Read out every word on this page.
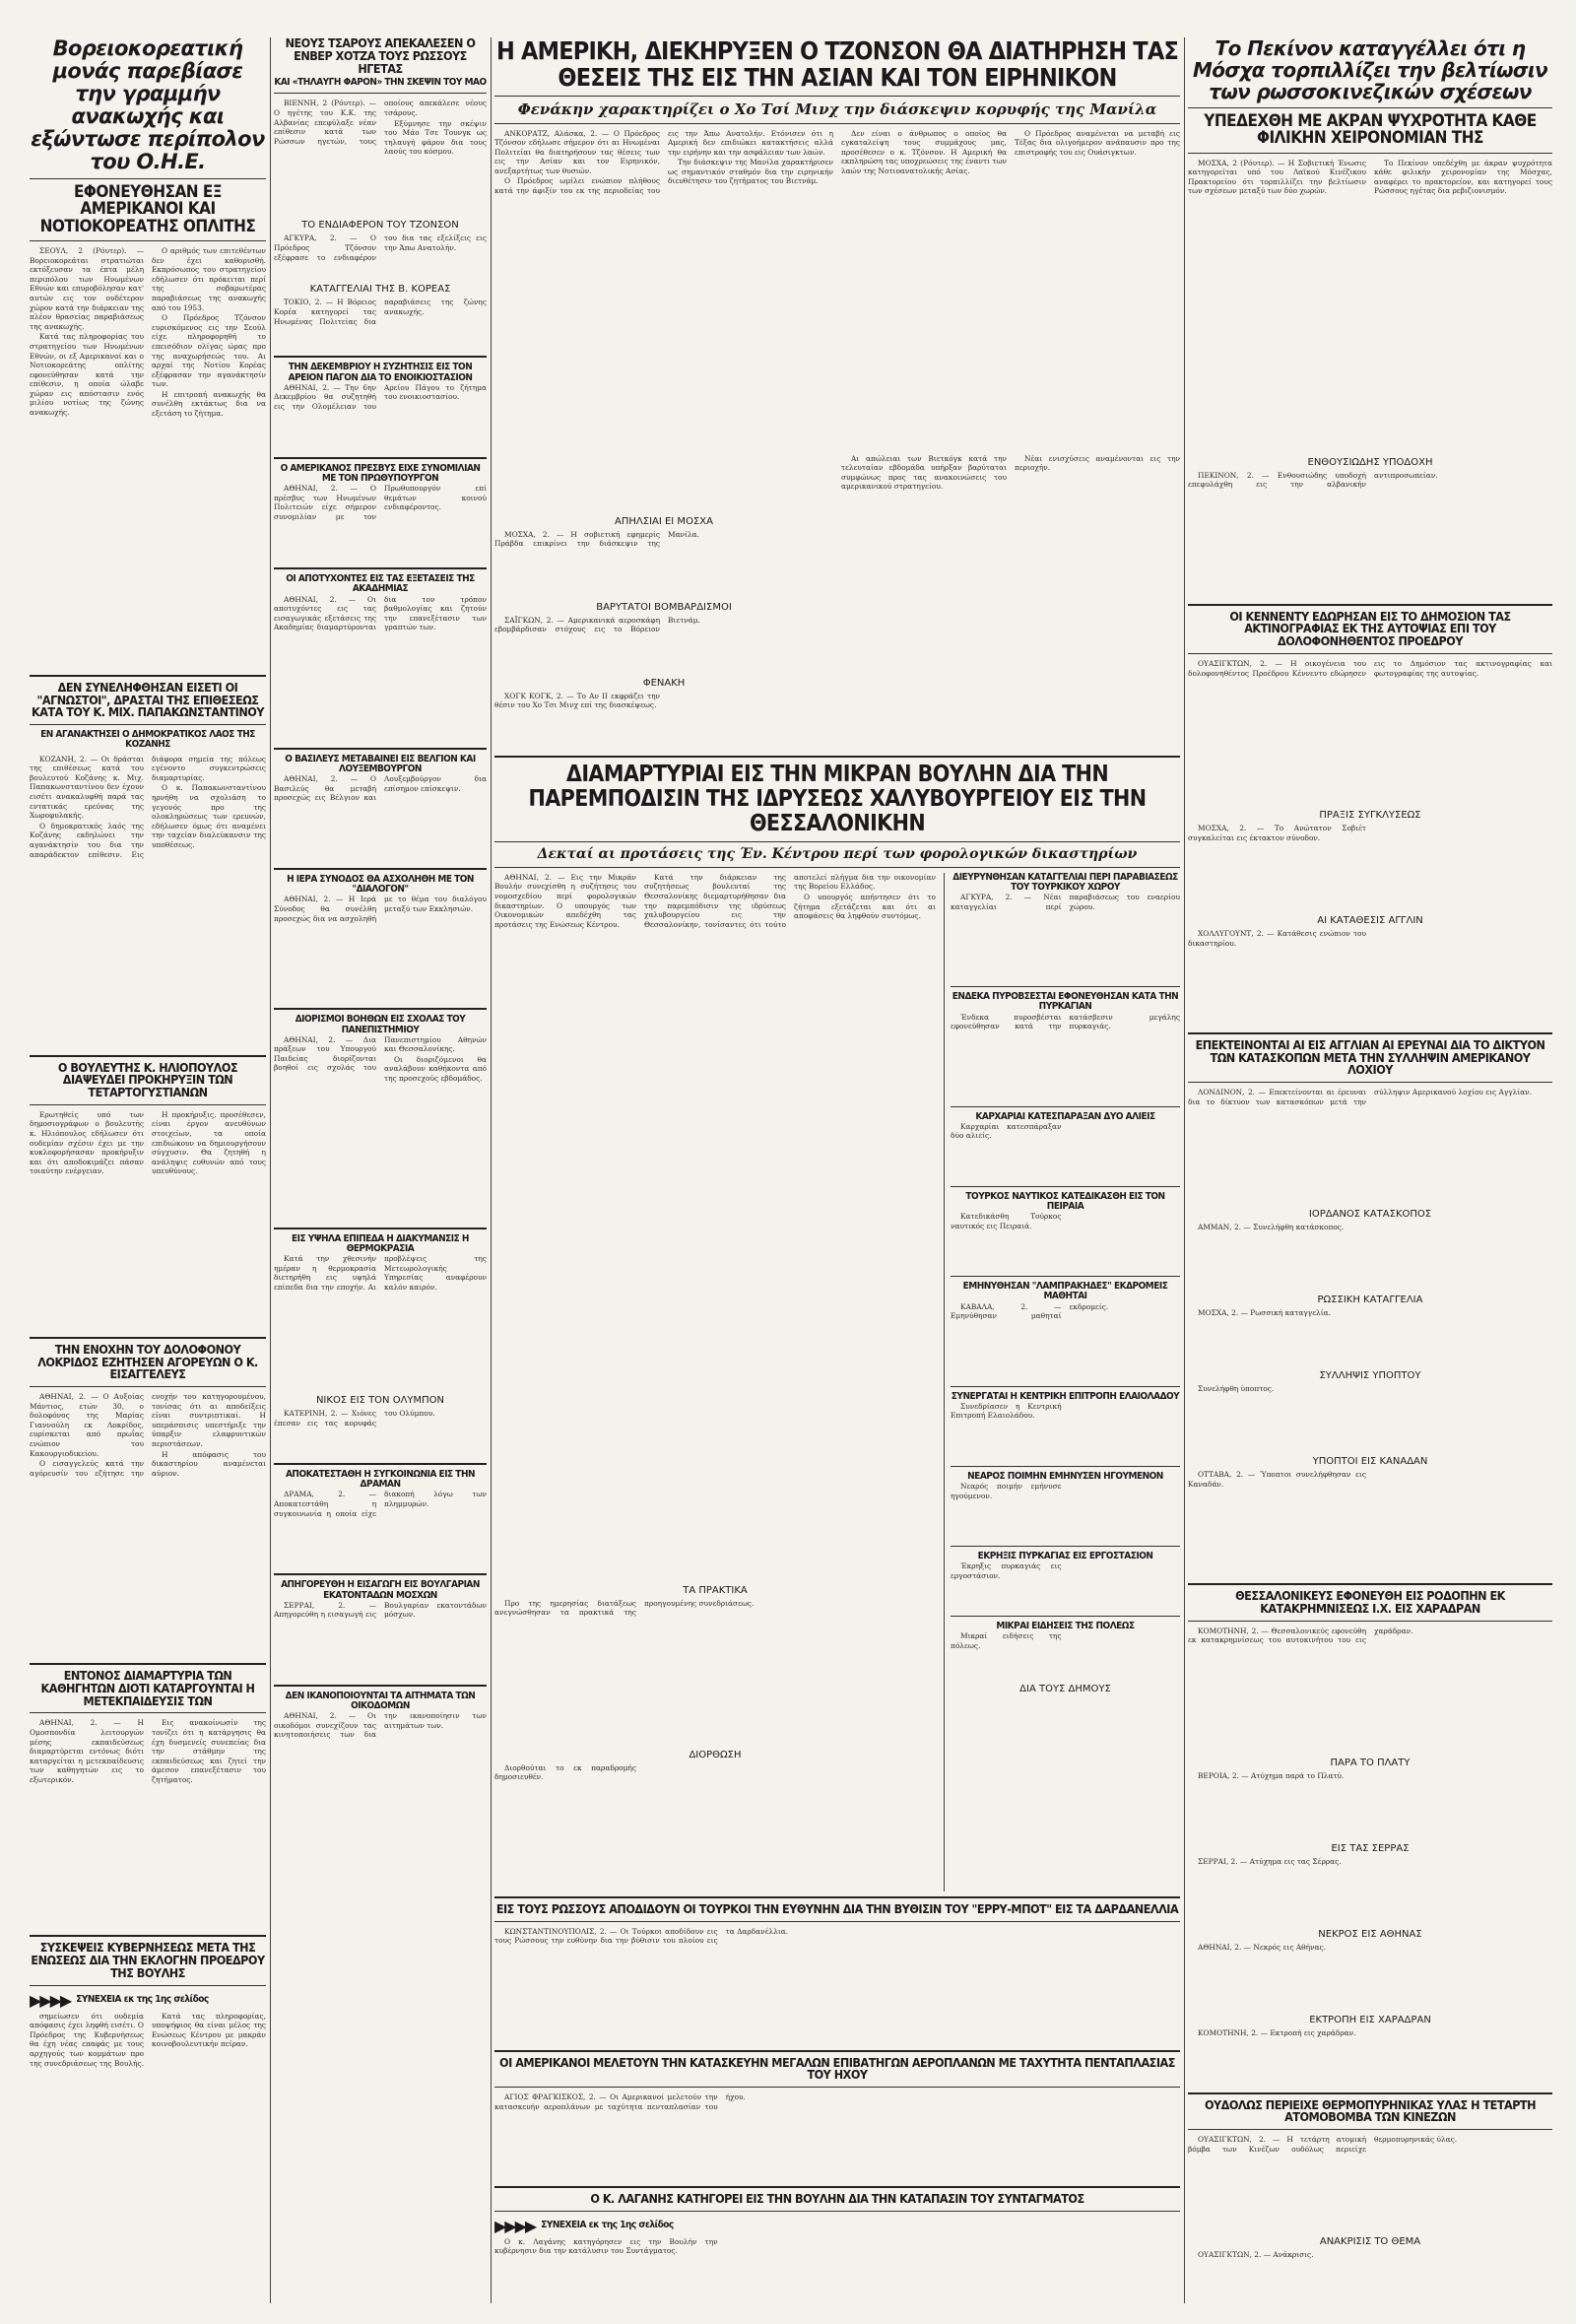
Βορειοκορεατική μονάς παρεβίασε την γραμμήν ανακωχής και εξώντωσε περίπολον του Ο.Η.Ε.
ΕΦΟΝΕΥΘΗΣΑΝ ΕΞ ΑΜΕΡΙΚΑΝΟΙ ΚΑΙ ΝΟΤΙΟΚΟΡΕΑΤΗΣ ΟΠΛΙΤΗΣ

ΣΕΟΥΛ, 2 (Ρόυτερ). — Βορειοκορεάται στρατιώται εκτόξευσαν τα έπτα μέλη περιπόλου των Ηνωμένων Εθνών και επυροβόλησαν κατ' αυτών εις τον ουδέτερον χώρον κατά την διάρκειαν της πλέον θρασείας παραβιάσεως της ανακωχής.

Κατά τας πληροφορίας του στρατηγείου των Ηνωμένων Εθνών, οι εξ Αμερικανοί και ο Νοτιοκορεάτης οπλίτης εφονεύθησαν κατά την επίθεσιν, η οποία ώλαβε χώραν εις απόστασιν ενός μιλίου νοτίως της ζώνης ανακωχής.

Ο αριθμός των επιτεθέντων δεν έχει καθορισθή. Εκπρόσωπος του στρατηγείου εδήλωσεν ότι πρόκειται περί της σοβαρωτέρας παραβιάσεως της ανακωχής από του 1953.

Ο Πρόεδρος Τζόνσον ευρισκόμενος εις την Σεούλ είχε πληροφορηθή το επεισόδιον ολίγας ώρας προ της αναχωρήσεώς του. Αι αρχαί της Νοτίου Κορέας εξέφρασαν την αγανάκτησίν των.

Η επιτροπή ανακωχής θα συνέλθη εκτάκτως δια να εξετάση το ζήτημα.

ΔΕΝ ΣΥΝΕΛΗΦΘΗΣΑΝ ΕΙΣΕΤΙ ΟΙ "ΑΓΝΩΣΤΟΙ", ΔΡΑΣΤΑΙ ΤΗΣ ΕΠΙΘΕΣΕΩΣ ΚΑΤΑ ΤΟΥ Κ. ΜΙΧ. ΠΑΠΑΚΩΝΣΤΑΝΤΙΝΟΥ
ΕΝ ΑΓΑΝΑΚΤΗΣΕΙ Ο ΔΗΜΟΚΡΑΤΙΚΟΣ ΛΑΟΣ ΤΗΣ ΚΟΖΑΝΗΣ

ΚΟΖΑΝΗ, 2. — Οι δράσται της επιθέσεως κατά του βουλευτού Κοζάνης κ. Μιχ. Παπακωνσταντίνου δεν έχουν εισέτι ανακαλυφθή παρά τας εντατικάς ερεύνας της Χωροφυλακής.

Ο δημοκρατικός λαός της Κοζάνης εκδηλώνει την αγανάκτησίν του δια την απαράδεκτον επίθεσιν. Εις διάφορα σημεία της πόλεως εγένοντο συγκεντρώσεις διαμαρτυρίας.

Ο κ. Παπακωνσταντίνου ηρνήθη να σχολιάση το γεγονός προ της ολοκληρώσεως των ερευνών, εδήλωσεν όμως ότι αναμένει την ταχείαν διαλεύκανσιν της υποθέσεως.

Ο ΒΟΥΛΕΥΤΗΣ Κ. ΗΛΙΟΠΟΥΛΟΣ ΔΙΑΨΕΥΔΕΙ ΠΡΟΚΗΡΥΞΙΝ ΤΩΝ ΤΕΤΑΡΤΟΓΥΣΤΙΑΝΩΝ

Ερωτηθείς υπό των δημοσιογράφων ο βουλευτής κ. Ηλιόπουλος εδήλωσεν ότι ουδεμίαν σχέσιν έχει με την κυκλοφορήσασαν προκήρυξιν και ότι αποδοκιμάζει πάσαν τοιαύτην ενέργειαν.

Η προκήρυξις, προσέθεσεν, είναι έργον ανευθύνων στοιχείων, τα οποία επιδιώκουν να δημιουργήσουν σύγχυσιν. Θα ζητηθή η ανάληψις ευθυνών από τους υπευθύνους.

ΤΗΝ ΕΝΟΧΗΝ ΤΟΥ ΔΟΛΟΦΟΝΟΥ ΛΟΚΡΙΔΟΣ ΕΖΗΤΗΣΕΝ ΑΓΟΡΕΥΩΝ Ο Κ. ΕΙΣΑΓΓΕΛΕΥΣ

ΑΘΗΝΑΙ, 2. — Ο Αυξοίας Μάντιος, ετών 30, ο δολοφόνος της Μαρίας Γιαννούλη εκ Λοκρίδος, ευρίσκεται από πρωΐας ενώπιον του Κακουργιοδικείου.

Ο εισαγγελεύς κατά την αγόρευσίν του εζήτησε την ενοχήν του κατηγορουμένου, τονίσας ότι αι αποδείξεις είναι συντριπτικαί. Η υπεράσπισις υπεστήριξε την ύπαρξιν ελαφρυντικών περιστάσεων.

Η απόφασις του δικαστηρίου αναμένεται αύριον.

ΕΝΤΟΝΟΣ ΔΙΑΜΑΡΤΥΡΙΑ ΤΩΝ ΚΑΘΗΓΗΤΩΝ ΔΙΟΤΙ ΚΑΤΑΡΓΟΥΝΤΑΙ Η ΜΕΤΕΚΠΑΙΔΕΥΣΙΣ ΤΩΝ

ΑΘΗΝΑΙ, 2. — Η Ομοσπονδία λειτουργών μέσης εκπαιδεύσεως διαμαρτύρεται εντόνως διότι καταργείται η μετεκπαίδευσις των καθηγητών εις το εξωτερικόν.

Εις ανακοίνωσίν της τονίζει ότι η κατάργησις θα έχη δυσμενείς συνεπείας δια την στάθμην της εκπαιδεύσεως και ζητεί την άμεσον επανεξέτασιν του ζητήματος.

ΣΥΣΚΕΨΕΙΣ ΚΥΒΕΡΝΗΣΕΩΣ ΜΕΤΑ ΤΗΣ ΕΝΩΣΕΩΣ ΔΙΑ ΤΗΝ ΕΚΛΟΓΗΝ ΠΡΟΕΔΡΟΥ ΤΗΣ ΒΟΥΛΗΣ
▶▶▶▶ ΣΥΝΕΧΕΙΑ εκ της 1ης σελίδος

σημείωσεν ότι ουδεμία απόφασις έχει ληφθή εισέτι. Ο Πρόεδρος της Κυβερνήσεως θα έχη νέας επαφάς με τους αρχηγούς των κομμάτων προ της συνεδριάσεως της Βουλής.

Κατά τας πληροφορίας, υποψήφιος θα είναι μέλος της Ενώσεως Κέντρου με μακράν κοινοβουλευτικήν πείραν.

ΝΕΟΥΣ ΤΣΑΡΟΥΣ ΑΠΕΚΑΛΕΣΕΝ Ο ΕΝΒΕΡ ΧΟΤΖΑ ΤΟΥΣ ΡΩΣΣΟΥΣ ΗΓΕΤΑΣ
ΚΑΙ «ΤΗΛΑΥΓΗ ΦΑΡΟΝ» ΤΗΝ ΣΚΕΨΙΝ ΤΟΥ ΜΑΟ

ΒΙΕΝΝΗ, 2 (Ρόυτερ). — Ο ηγέτης του Κ.Κ. της Αλβανίας επεφύλαξε νέαν επίθεσιν κατά των Ρώσσων ηγετών, τους οποίους απεκάλεσε νέους τσάρους.

Εξύμνησε την σκέψιν του Μάο Τσε Τουνγκ ως τηλαυγή φάρον δια τους λαούς του κόσμου.

ΤΟ ΕΝΔΙΑΦΕΡΟΝ ΤΟΥ ΤΖΟΝΣΟΝ

ΑΓΚΥΡΑ, 2. — Ο Πρόεδρος Τζόνσον εξέφρασε το ενδιαφέρον του δια τας εξελίξεις εις την Άπω Ανατολήν.

ΚΑΤΑΓΓΕΛΙΑΙ ΤΗΣ Β. ΚΟΡΕΑΣ

ΤΟΚΙΟ, 2. — Η Βόρειος Κορέα κατηγορεί τας Ηνωμένας Πολιτείας δια παραβιάσεις της ζώνης ανακωχής.

ΤΗΝ ΔΕΚΕΜΒΡΙΟΥ Η ΣΥΖΗΤΗΣΙΣ ΕΙΣ ΤΟΝ ΑΡΕΙΟΝ ΠΑΓΟΝ ΔΙΑ ΤΟ ΕΝΟΙΚΙΟΣΤΑΣΙΟΝ

ΑΘΗΝΑΙ, 2. — Την 6ην Δεκεμβρίου θα συζητηθή εις την Ολομέλειαν του Αρείου Πάγου το ζήτημα του ενοικιοστασίου.

Ο ΑΜΕΡΙΚΑΝΟΣ ΠΡΕΣΒΥΣ ΕΙΧΕ ΣΥΝΟΜΙΛΙΑΝ ΜΕ ΤΟΝ ΠΡΩΘΥΠΟΥΡΓΟΝ

ΑΘΗΝΑΙ, 2. — Ο πρέσβυς των Ηνωμένων Πολιτειών είχε σήμερον συνομιλίαν με τον Πρωθυπουργόν επί θεμάτων κοινού ενδιαφέροντος.

ΟΙ ΑΠΟΤΥΧΟΝΤΕΣ ΕΙΣ ΤΑΣ ΕΞΕΤΑΣΕΙΣ ΤΗΣ ΑΚΑΔΗΜΙΑΣ

ΑΘΗΝΑΙ, 2. — Οι αποτυχόντες εις τας εισαγωγικάς εξετάσεις της Ακαδημίας διαμαρτύρονται δια τον τρόπον βαθμολογίας και ζητούν την επανεξέτασιν των γραπτών των.

Ο ΒΑΣΙΛΕΥΣ ΜΕΤΑΒΑΙΝΕΙ ΕΙΣ ΒΕΛΓΙΟΝ ΚΑΙ ΛΟΥΞΕΜΒΟΥΡΓΟΝ

ΑΘΗΝΑΙ, 2. — Ο Βασιλεύς θα μεταβή προσεχώς εις Βέλγιον και Λουξεμβούργον δια επίσημον επίσκεψιν.

Η ΙΕΡΑ ΣΥΝΟΔΟΣ ΘΑ ΑΣΧΟΛΗΘΗ ΜΕ ΤΟΝ "ΔΙΑΛΟΓΟΝ"

ΑΘΗΝΑΙ, 2. — Η Ιερά Σύνοδος θα συνέλθη προσεχώς δια να ασχοληθή με το θέμα του διαλόγου μεταξύ των Εκκλησιών.

ΔΙΟΡΙΣΜΟΙ ΒΟΗΘΩΝ ΕΙΣ ΣΧΟΛΑΣ ΤΟΥ ΠΑΝΕΠΙΣΤΗΜΙΟΥ

ΑΘΗΝΑΙ, 2. — Δια πράξεων του Υπουργού Παιδείας διορίζονται βοηθοί εις σχολάς του Πανεπιστημίου Αθηνών και Θεσσαλονίκης.

Οι διοριζόμενοι θα αναλάβουν καθήκοντα από της προσεχούς εβδομάδος.

ΕΙΣ ΥΨΗΛΑ ΕΠΙΠΕΔΑ Η ΔΙΑΚΥΜΑΝΣΙΣ Η ΘΕΡΜΟΚΡΑΣΙΑ

Κατά την χθεσινήν ημέραν η θερμοκρασία διετηρήθη εις υψηλά επίπεδα δια την εποχήν. Αι προβλέψεις της Μετεωρολογικής Υπηρεσίας αναφέρουν καλόν καιρόν.

ΝΙΚΟΣ ΕΙΣ ΤΟΝ ΟΛΥΜΠΟΝ

ΚΑΤΕΡΙΝΗ, 2. — Χιόνες έπεσαν εις τας κορυφάς του Ολύμπου.

ΑΠΟΚΑΤΕΣΤΑΘΗ Η ΣΥΓΚΟΙΝΩΝΙΑ ΕΙΣ ΤΗΝ ΔΡΑΜΑΝ

ΔΡΑΜΑ, 2. — Αποκατεστάθη η συγκοινωνία η οποία είχε διακοπή λόγω των πλημμυρών.

ΑΠΗΓΟΡΕΥΘΗ Η ΕΙΣΑΓΩΓΗ ΕΙΣ ΒΟΥΛΓΑΡΙΑΝ ΕΚΑΤΟΝΤΑΔΩΝ ΜΟΣΧΩΝ

ΣΕΡΡΑΙ, 2. — Απηγορεύθη η εισαγωγή εις Βουλγαρίαν εκατοντάδων μόσχων.

ΔΕΝ ΙΚΑΝΟΠΟΙΟΥΝΤΑΙ ΤΑ ΑΙΤΗΜΑΤΑ ΤΩΝ ΟΙΚΟΔΟΜΩΝ

ΑΘΗΝΑΙ, 2. — Οι οικοδόμοι συνεχίζουν τας κινητοποιήσεις των δια την ικανοποίησιν των αιτημάτων των.

Η ΑΜΕΡΙΚΗ, ΔΙΕΚΗΡΥΞΕΝ Ο ΤΖΟΝΣΟΝ ΘΑ ΔΙΑΤΗΡΗΣΗ ΤΑΣ ΘΕΣΕΙΣ ΤΗΣ ΕΙΣ ΤΗΝ ΑΣΙΑΝ ΚΑΙ ΤΟΝ ΕΙΡΗΝΙΚΟΝ
Φενάκην χαρακτηρίζει ο Χο Τσί Μινχ την διάσκεψιν κορυφής της Μανίλα

ΑΝΚΟΡΑΤΖ, Αλάσκα, 2. — Ο Πρόεδρος Τζόνσον εδήλωσε σήμερον ότι αι Ηνωμέναι Πολιτείαι θα διατηρήσουν τας θέσεις των εις την Ασίαν και τον Ειρηνικόν, ανεξαρτήτως των θυσιών.

Ο Πρόεδρος ωμίλει ενώπιον πλήθους κατά την άφιξίν του εκ της περιοδείας του εις την Άπω Ανατολήν. Ετόνισεν ότι η Αμερική δεν επιδιώκει κατακτήσεις αλλά την ειρήνην και την ασφάλειαν των λαών.

Την διάσκεψιν της Μανίλα χαρακτήρισεν ως σημαντικόν σταθμόν δια την ειρηνικήν διευθέτησιν του ζητήματος του Βιετνάμ.

ΑΠΗΛΣΙΑΙ ΕΙ ΜΟΣΧΑ

ΜΟΣΧΑ, 2. — Η σοβιετική εφημερίς Πράβδα επικρίνει την διάσκεψιν της Μανίλα.

ΒΑΡΥΤΑΤΟΙ ΒΟΜΒΑΡΔΙΣΜΟΙ

ΣΑΪΓΚΩΝ, 2. — Αμερικανικά αεροσκάφη εβομβάρδισαν στόχους εις το Βόρειον Βιετνάμ.

ΦΕΝΑΚΗ

ΧΟΓΚ ΚΟΓΚ, 2. — Το Αν ΙΙ εκφράζει την θέσιν του Χο Τσι Μινχ επί της διασκέψεως.

Δεν είναι ο άνθρωπος ο οποίος θα εγκαταλείψη τους συμμάχους μας, προσέθεσεν ο κ. Τζόνσον. Η Αμερική θα εκπληρώση τας υποχρεώσεις της έναντι των λαών της Νοτιοανατολικής Ασίας.

Ο Πρόεδρος αναμένεται να μεταβή εις Τέξας δια ολιγοήμερον ανάπαυσιν προ της επιστροφής του εις Ουάσιγκτων.

Αι απώλειαι των Βιετκόγκ κατά την τελευταίαν εβδομάδα υπήρξαν βαρύταται συμφώνως προς τας ανακοινώσεις του αμερικανικού στρατηγείου.

Νέαι ενισχύσεις αναμένονται εις την περιοχήν.

ΔΙΑΜΑΡΤΥΡΙΑΙ ΕΙΣ ΤΗΝ ΜΙΚΡΑΝ ΒΟΥΛΗΝ ΔΙΑ ΤΗΝ ΠΑΡΕΜΠΟΔΙΣΙΝ ΤΗΣ ΙΔΡΥΣΕΩΣ ΧΑΛΥΒΟΥΡΓΕΙΟΥ ΕΙΣ ΤΗΝ ΘΕΣΣΑΛΟΝΙΚΗΝ
Δεκταί αι προτάσεις της Έν. Κέντρου περί των φορολογικών δικαστηρίων

ΑΘΗΝΑΙ, 2. — Εις την Μικράν Βουλήν συνεχίσθη η συζήτησις του νομοσχεδίου περί φορολογικών δικαστηρίων. Ο υπουργός των Οικονομικών απεδέχθη τας προτάσεις της Ενώσεως Κέντρου.

Κατά την διάρκειαν της συζητήσεως βουλευταί της Θεσσαλονίκης διεμαρτυρήθησαν δια την παρεμπόδισιν της ιδρύσεως χαλυβουργείου εις την Θεσσαλονίκην, τονίσαντες ότι τούτο αποτελεί πλήγμα δια την οικονομίαν της Βορείου Ελλάδος.

Ο υπουργός απήντησεν ότι το ζήτημα εξετάζεται και ότι αι αποφάσεις θα ληφθούν συντόμως.

ΤΑ ΠΡΑΚΤΙΚΑ

Προ της ημερησίας διατάξεως ανεγνώσθησαν τα πρακτικά της προηγουμένης συνεδριάσεως.

ΔΙΟΡΘΩΣΗ

Διορθούται το εκ παραδρομής δημοσιευθέν.

ΔΙΕΥΡΥΝΘΗΣΑΝ ΚΑΤΑΓΓΕΛΙΑΙ ΠΕΡΙ ΠΑΡΑΒΙΑΣΕΩΣ ΤΟΥ ΤΟΥΡΚΙΚΟΥ ΧΩΡΟΥ

ΑΓΚΥΡΑ, 2. — Νέαι καταγγελίαι περί παραβιάσεως του εναερίου χώρου.

ΕΝΔΕΚΑ ΠΥΡΟΒΣΕΣΤΑΙ ΕΦΟΝΕΥΘΗΣΑΝ ΚΑΤΑ ΤΗΝ ΠΥΡΚΑΓΙΑΝ

Ένδεκα πυροσβέσται εφονεύθησαν κατά την κατάσβεσιν μεγάλης πυρκαγιάς.

ΚΑΡΧΑΡΙΑΙ ΚΑΤΕΣΠΑΡΑΞΑΝ ΔΥΟ ΑΛΙΕΙΣ

Καρχαρίαι κατεσπάραξαν δύο αλιείς.

ΤΟΥΡΚΟΣ ΝΑΥΤΙΚΟΣ ΚΑΤΕΔΙΚΑΣΘΗ ΕΙΣ ΤΟΝ ΠΕΙΡΑΙΑ

Κατεδικάσθη Τούρκος ναυτικός εις Πειραιά.

ΕΜΗΝΥΘΗΣΑΝ "ΛΑΜΠΡΑΚΗΔΕΣ" ΕΚΔΡΟΜΕΙΣ ΜΑΘΗΤΑΙ

ΚΑΒΑΛΑ, 2. — Εμηνύθησαν μαθηταί εκδρομείς.

ΣΥΝΕΡΓΑΤΑΙ Η ΚΕΝΤΡΙΚΗ ΕΠΙΤΡΟΠΗ ΕΛΑΙΟΛΑΔΟΥ

Συνεδρίασεν η Κεντρική Επιτροπή Ελαιολάδου.

ΝΕΑΡΟΣ ΠΟΙΜΗΝ ΕΜΗΝΥΣΕΝ ΗΓΟΥΜΕΝΟΝ

Νεαρός ποιμήν εμήνυσε ηγούμενον.

ΕΚΡΗΞΙΣ ΠΥΡΚΑΓΙΑΣ ΕΙΣ ΕΡΓΟΣΤΑΣΙΟΝ

Έκρηξις πυρκαγιάς εις εργοστάσιον.

ΜΙΚΡΑΙ ΕΙΔΗΣΕΙΣ ΤΗΣ ΠΟΛΕΩΣ

Μικραί ειδήσεις της πόλεως.

ΔΙΑ ΤΟΥΣ ΔΗΜΟΥΣ
ΕΙΣ ΤΟΥΣ ΡΩΣΣΟΥΣ ΑΠΟΔΙΔΟΥΝ ΟΙ ΤΟΥΡΚΟΙ ΤΗΝ ΕΥΘΥΝΗΝ ΔΙΑ ΤΗΝ ΒΥΘΙΣΙΝ ΤΟΥ "ΕΡΡΥ-ΜΠΟΤ" ΕΙΣ ΤΑ ΔΑΡΔΑΝΕΛΛΙΑ

ΚΩΝΣΤΑΝΤΙΝΟΥΠΟΛΙΣ, 2. — Οι Τούρκοι αποδίδουν εις τους Ρώσσους την ευθύνην δια την βύθισιν του πλοίου εις τα Δαρδανέλλια.

ΟΙ ΑΜΕΡΙΚΑΝΟΙ ΜΕΛΕΤΟΥΝ ΤΗΝ ΚΑΤΑΣΚΕΥΗΝ ΜΕΓΑΛΩΝ ΕΠΙΒΑΤΗΓΩΝ ΑΕΡΟΠΛΑΝΩΝ ΜΕ ΤΑΧΥΤΗΤΑ ΠΕΝΤΑΠΛΑΣΙΑΣ ΤΟΥ ΗΧΟΥ

ΑΓΙΟΣ ΦΡΑΓΚΙΣΚΟΣ, 2. — Οι Αμερικανοί μελετούν την κατασκευήν αεροπλάνων με ταχύτητα πενταπλασίαν του ήχου.

Ο Κ. ΛΑΓΑΝΗΣ ΚΑΤΗΓΟΡΕΙ ΕΙΣ ΤΗΝ ΒΟΥΛΗΝ ΔΙΑ ΤΗΝ ΚΑΤΑΠΑΣΙΝ ΤΟΥ ΣΥΝΤΑΓΜΑΤΟΣ
▶▶▶▶ ΣΥΝΕΧΕΙΑ εκ της 1ης σελίδος

Ο κ. Λαγάνης κατηγόρησεν εις την Βουλήν την κυβέρνησιν δια την κατάλυσιν του Συντάγματος.

Το Πεκίνον καταγγέλλει ότι η Μόσχα τορπιλλίζει την βελτίωσιν των ρωσσοκινεζικών σχέσεων
ΥΠΕΔΕΧΘΗ ΜΕ ΑΚΡΑΝ ΨΥΧΡΟΤΗΤΑ ΚΑΘΕ ΦΙΛΙΚΗΝ ΧΕΙΡΟΝΟΜΙΑΝ ΤΗΣ

ΜΟΣΧΑ, 2 (Ρόυτερ). — Η Σοβιετική Ένωσις κατηγορείται υπό του Λαϊκού Κινέζικου Πρακτορείου ότι τορπιλλίζει την βελτίωσιν των σχέσεων μεταξύ των δύο χωρών.

Το Πεκίνον υπεδέχθη με άκραν ψυχρότητα κάθε φιλικήν χειρονομίαν της Μόσχας, αναφέρει το πρακτορείον, και κατηγορεί τους Ρώσσους ηγέτας δια ρεβιζιονισμόν.

ΕΝΘΟΥΣΙΩΔΗΣ ΥΠΟΔΟΧΗ

ΠΕΚΙΝΟΝ, 2. — Ενθουσιώδης υποδοχή επεφυλάχθη εις την αλβανικήν αντιπροσωπείαν.

ΟΙ ΚΕΝΝΕΝΤΥ ΕΔΩΡΗΣΑΝ ΕΙΣ ΤΟ ΔΗΜΟΣΙΟΝ ΤΑΣ ΑΚΤΙΝΟΓΡΑΦΙΑΣ ΕΚ ΤΗΣ ΑΥΤΟΨΙΑΣ ΕΠΙ ΤΟΥ ΔΟΛΟΦΟΝΗΘΕΝΤΟΣ ΠΡΟΕΔΡΟΥ

ΟΥΑΣΙΓΚΤΩΝ, 2. — Η οικογένεια του δολοφονηθέντος Προέδρου Κέννεντυ εδώρησεν εις το Δημόσιον τας ακτινογραφίας και φωτογραφίας της αυτοψίας.

ΠΡΑΞΙΣ ΣΥΓΚΛΥΣΕΩΣ

ΜΟΣΧΑ, 2. — Το Ανώτατον Σοβιέτ συγκαλείται εις έκτακτον σύνοδον.

ΑΙ ΚΑΤΑΘΕΣΙΣ ΑΓΓΛΙΝ

ΧΟΛΛΥΓΟΥΝΤ, 2. — Κατάθεσις ενώπιον του δικαστηρίου.

ΕΠΕΚΤΕΙΝΟΝΤΑΙ ΑΙ ΕΙΣ ΑΓΓΛΙΑΝ ΑΙ ΕΡΕΥΝΑΙ ΔΙΑ ΤΟ ΔΙΚΤΥΟΝ ΤΩΝ ΚΑΤΑΣΚΟΠΩΝ ΜΕΤΑ ΤΗΝ ΣΥΛΛΗΨΙΝ ΑΜΕΡΙΚΑΝΟΥ ΛΟΧΙΟΥ

ΛΟΝΔΙΝΟΝ, 2. — Επεκτείνονται αι έρευναι δια το δίκτυον των κατασκόπων μετά την σύλληψιν Αμερικανού λοχίου εις Αγγλίαν.

ΙΟΡΔΑΝΟΣ ΚΑΤΑΣΚΟΠΟΣ

ΑΜΜΑΝ, 2. — Συνελήφθη κατάσκοπος.

ΡΩΣΣΙΚΗ ΚΑΤΑΓΓΕΛΙΑ

ΜΟΣΧΑ, 2. — Ρωσσική καταγγελία.

ΣΥΛΛΗΨΙΣ ΥΠΟΠΤΟΥ

Συνελήφθη ύποπτος.

ΥΠΟΠΤΟΙ ΕΙΣ ΚΑΝΑΔΑΝ

ΟΤΤΑΒΑ, 2. — Ύποπτοι συνελήφθησαν εις Καναδάν.

ΘΕΣΣΑΛΟΝΙΚΕΥΣ ΕΦΟΝΕΥΘΗ ΕΙΣ ΡΟΔΟΠΗΝ ΕΚ ΚΑΤΑΚΡΗΜΝΙΣΕΩΣ Ι.Χ. ΕΙΣ ΧΑΡΑΔΡΑΝ

ΚΟΜΟΤΗΝΗ, 2. — Θεσσαλονικεύς εφονεύθη εκ κατακρημνίσεως του αυτοκινήτου του εις χαράδραν.

ΠΑΡΑ ΤΟ ΠΛΑΤΥ

ΒΕΡΟΙΑ, 2. — Ατύχημα παρά το Πλατύ.

ΕΙΣ ΤΑΣ ΣΕΡΡΑΣ

ΣΕΡΡΑΙ, 2. — Ατύχημα εις τας Σέρρας.

ΝΕΚΡΟΣ ΕΙΣ ΑΘΗΝΑΣ

ΑΘΗΝΑΙ, 2. — Νεκρός εις Αθήνας.

ΕΚΤΡΟΠΗ ΕΙΣ ΧΑΡΑΔΡΑΝ

ΚΟΜΟΤΗΝΗ, 2. — Εκτροπή εις χαράδραν.

ΟΥΔΟΛΩΣ ΠΕΡΙΕΙΧΕ ΘΕΡΜΟΠΥΡΗΝΙΚΑΣ ΥΛΑΣ Η ΤΕΤΑΡΤΗ ΑΤΟΜΟΒΟΜΒΑ ΤΩΝ ΚΙΝΕΖΩΝ

ΟΥΑΣΙΓΚΤΩΝ, 2. — Η τετάρτη ατομική βόμβα των Κινέζων ουδόλως περιείχε θερμοπυρηνικάς ύλας.

ΑΝΑΚΡΙΣΙΣ ΤΟ ΘΕΜΑ

ΟΥΑΣΙΓΚΤΩΝ, 2. — Ανάκρισις.
